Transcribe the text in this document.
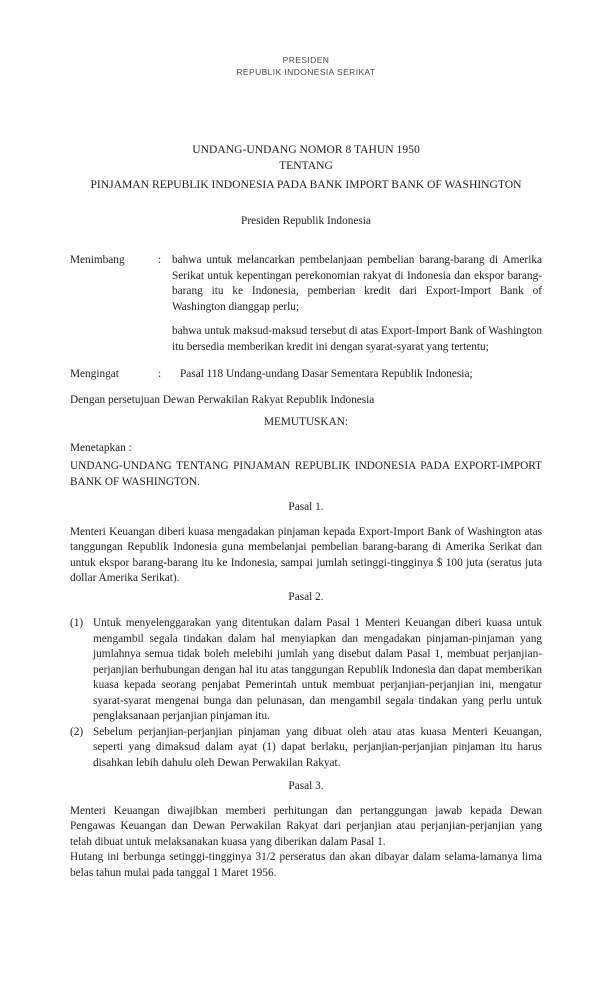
PRESIDEN
REPUBLIK INDONESIA SERIKAT
UNDANG-UNDANG NOMOR 8 TAHUN 1950
TENTANG
PINJAMAN REPUBLIK INDONESIA PADA BANK IMPORT BANK OF WASHINGTON
Presiden Republik Indonesia
Menimbang	: bahwa untuk melancarkan pembelanjaan pembelian barang-barang di Amerika Serikat untuk kepentingan perekonomian rakyat di Indonesia dan ekspor barang-barang itu ke Indonesia, pemberian kredit dari Export-Import Bank of Washington dianggap perlu;
bahwa untuk maksud-maksud tersebut di atas Export-Import Bank of Washington itu bersedia memberikan kredit ini dengan syarat-syarat yang tertentu;
Mengingat	:	Pasal 118 Undang-undang Dasar Sementara Republik Indonesia;
Dengan persetujuan Dewan Perwakilan Rakyat Republik Indonesia
MEMUTUSKAN:
Menetapkan :
UNDANG-UNDANG TENTANG PINJAMAN REPUBLIK INDONESIA PADA EXPORT-IMPORT BANK OF WASHINGTON.
Pasal 1.
Menteri Keuangan diberi kuasa mengadakan pinjaman kepada Export-Import Bank of Washington atas tanggungan Republik Indonesia guna membelanjai pembelian barang-barang di Amerika Serikat dan untuk ekspor barang-barang itu ke Indonesia, sampai jumlah setinggi-tingginya $ 100 juta (seratus juta dollar Amerika Serikat).
Pasal 2.
(1) Untuk menyelenggarakan yang ditentukan dalam Pasal 1 Menteri Keuangan diberi kuasa untuk mengambil segala tindakan dalam hal menyiapkan dan mengadakan pinjaman-pinjaman yang jumlahnya semua tidak boleh melebihi jumlah yang disebut dalam Pasal 1, membuat perjanjian-perjanjian berhubungan dengan hal itu atas tanggungan Republik Indonesia dan dapat memberikan kuasa kepada seorang penjabat Pemerintah untuk membuat perjanjian-perjanjian ini, mengatur syarat-syarat mengenai bunga dan pelunasan, dan mengambil segala tindakan yang perlu untuk penglaksanaan perjanjian pinjaman itu.
(2) Sebelum perjanjian-perjanjian pinjaman yang dibuat oleh atau atas kuasa Menteri Keuangan, seperti yang dimaksud dalam ayat (1) dapat berlaku, perjanjian-perjanjian pinjaman itu harus disahkan lebih dahulu oleh Dewan Perwakilan Rakyat.
Pasal 3.
Menteri Keuangan diwajibkan memberi perhitungan dan pertanggungan jawab kepada Dewan Pengawas Keuangan dan Dewan Perwakilan Rakyat dari perjanjian atau perjanjian-perjanjian yang telah dibuat untuk melaksanakan kuasa yang diberikan dalam Pasal 1.
Hutang ini berbunga setinggi-tingginya 31/2 perseratus dan akan dibayar dalam selama-lamanya lima belas tahun mulai pada tanggal 1 Maret 1956.
